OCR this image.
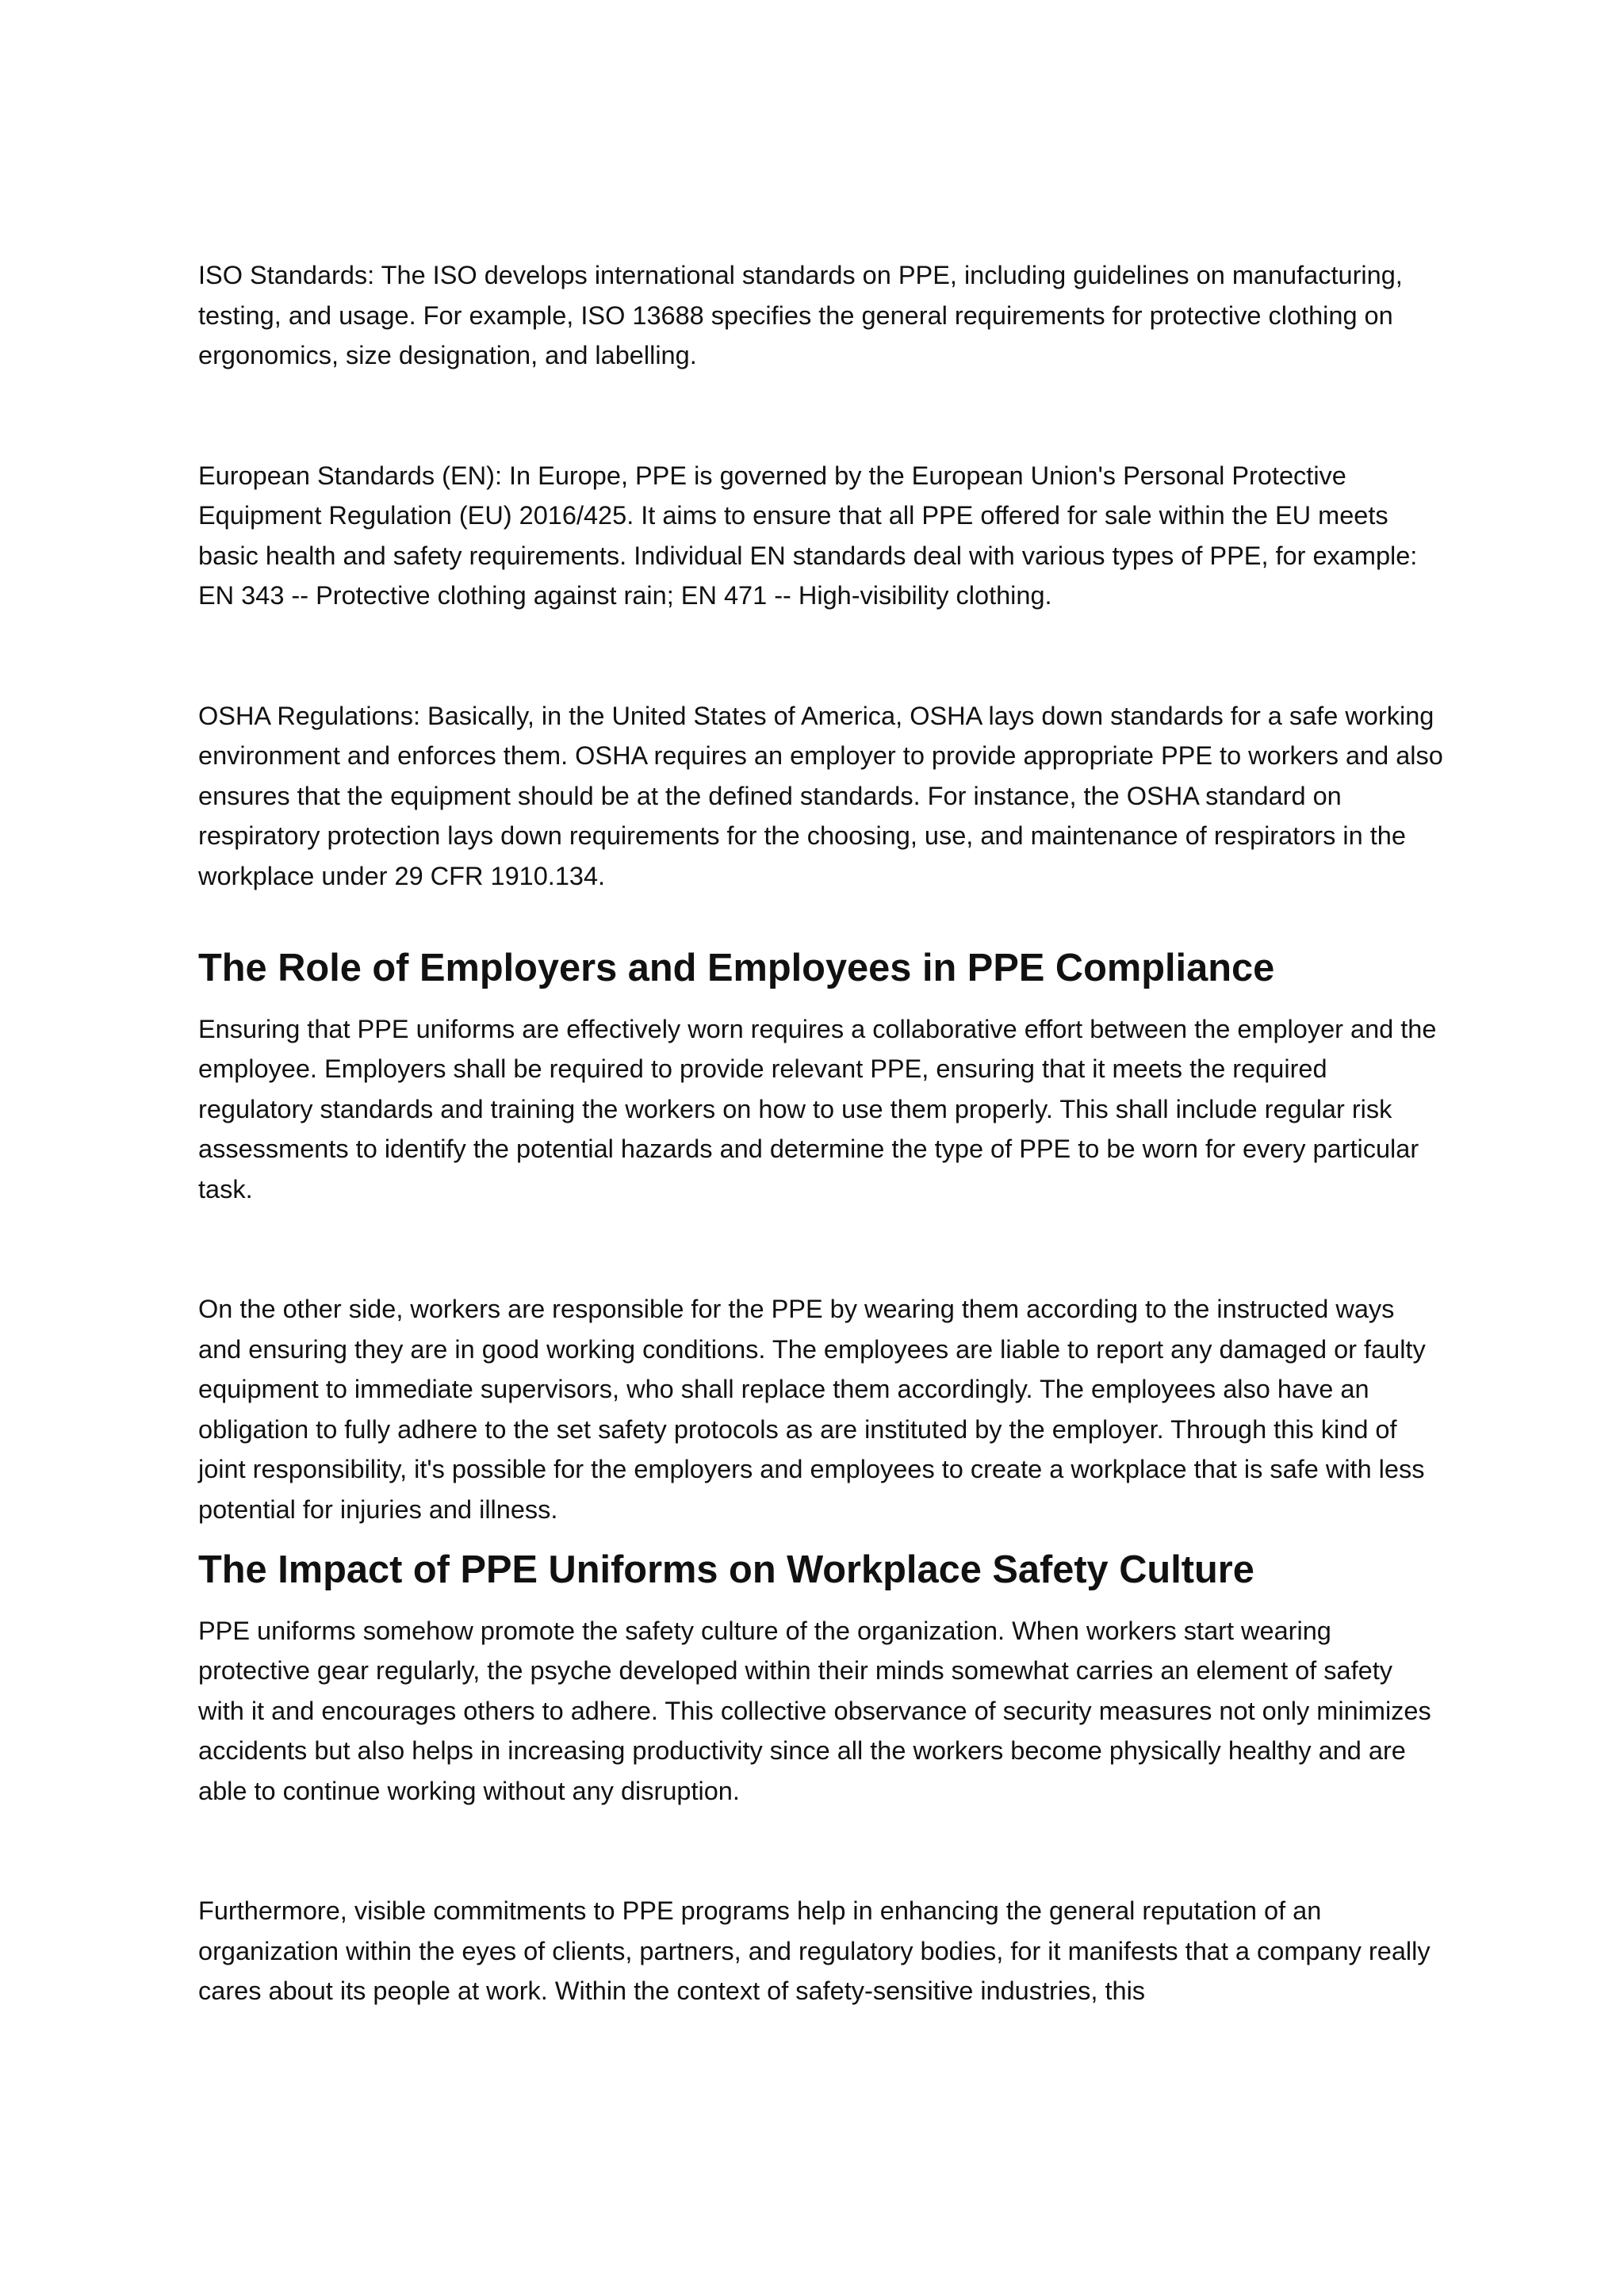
ISO Standards: The ISO develops international standards on PPE, including guidelines on manufacturing, testing, and usage. For example, ISO 13688 specifies the general requirements for protective clothing on ergonomics, size designation, and labelling.

European Standards (EN): In Europe, PPE is governed by the European Union's Personal Protective Equipment Regulation (EU) 2016/425. It aims to ensure that all PPE offered for sale within the EU meets basic health and safety requirements. Individual EN standards deal with various types of PPE, for example: EN 343 -- Protective clothing against rain; EN 471 -- High-visibility clothing.

OSHA Regulations: Basically, in the United States of America, OSHA lays down standards for a safe working environment and enforces them. OSHA requires an employer to provide appropriate PPE to workers and also ensures that the equipment should be at the defined standards. For instance, the OSHA standard on respiratory protection lays down requirements for the choosing, use, and maintenance of respirators in the workplace under 29 CFR 1910.134.

The Role of Employers and Employees in PPE Compliance

Ensuring that PPE uniforms are effectively worn requires a collaborative effort between the employer and the employee. Employers shall be required to provide relevant PPE, ensuring that it meets the required regulatory standards and training the workers on how to use them properly. This shall include regular risk assessments to identify the potential hazards and determine the type of PPE to be worn for every particular task.

On the other side, workers are responsible for the PPE by wearing them according to the instructed ways and ensuring they are in good working conditions. The employees are liable to report any damaged or faulty equipment to immediate supervisors, who shall replace them accordingly. The employees also have an obligation to fully adhere to the set safety protocols as are instituted by the employer. Through this kind of joint responsibility, it's possible for the employers and employees to create a workplace that is safe with less potential for injuries and illness.

The Impact of PPE Uniforms on Workplace Safety Culture

PPE uniforms somehow promote the safety culture of the organization. When workers start wearing protective gear regularly, the psyche developed within their minds somewhat carries an element of safety with it and encourages others to adhere. This collective observance of security measures not only minimizes accidents but also helps in increasing productivity since all the workers become physically healthy and are able to continue working without any disruption.

Furthermore, visible commitments to PPE programs help in enhancing the general reputation of an organization within the eyes of clients, partners, and regulatory bodies, for it manifests that a company really cares about its people at work. Within the context of safety-sensitive industries, this
